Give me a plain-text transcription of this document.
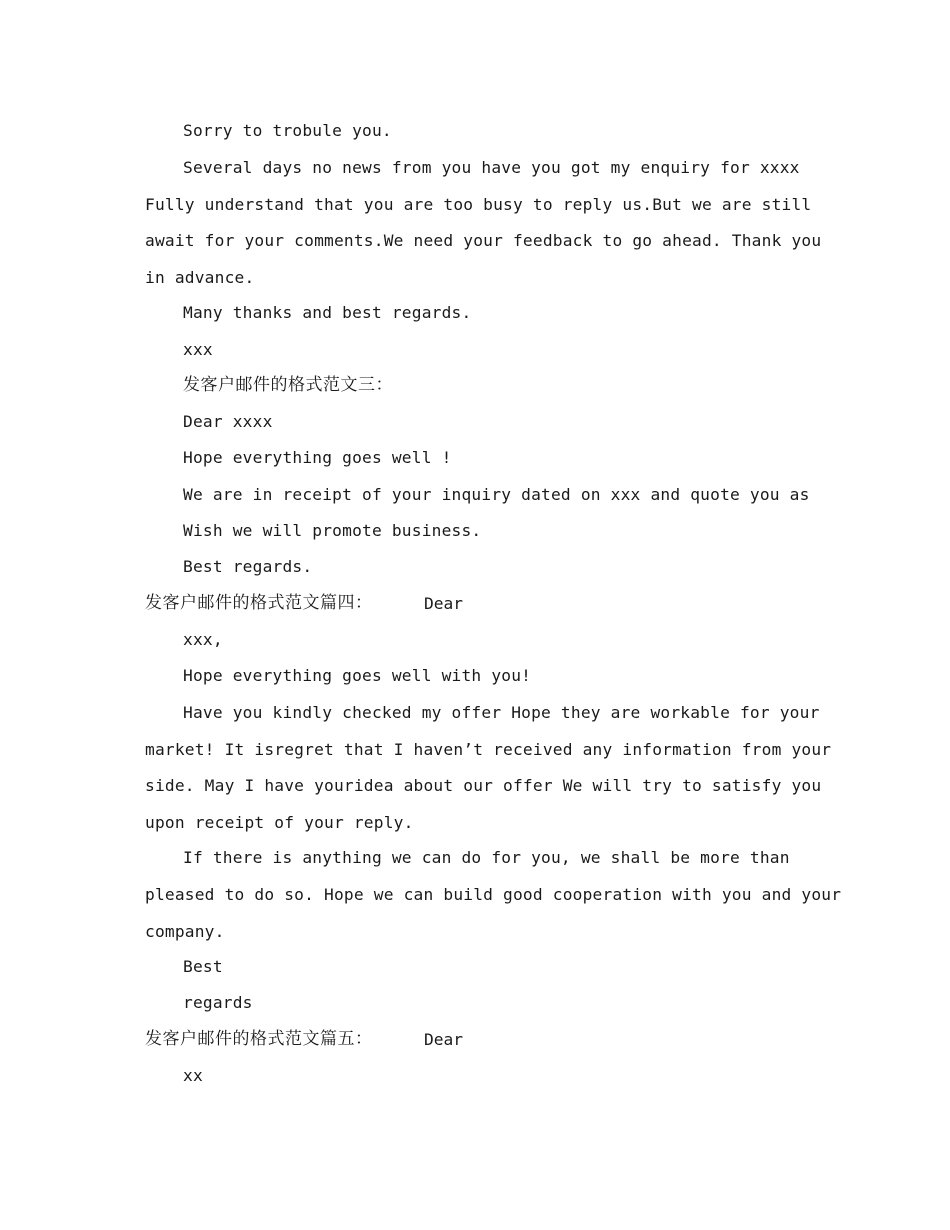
Sorry to trobule you.
Several days no news from you have you got my enquiry for xxxx
Fully understand that you are too busy to reply us.But we are still
await for your comments.We need your feedback to go ahead. Thank you
in advance.
Many thanks and best regards.
xxx
发客户邮件的格式范文三：
Dear xxxx
Hope everything goes well !
We are in receipt of your inquiry dated on xxx and quote you as
Wish we will promote business.
Best regards.
发客户邮件的格式范文篇四：	Dear
xxx,
Hope everything goes well with you!
Have you kindly checked my offer Hope they are workable for your
market! It isregret that I haven’t received any information from your
side. May I have youridea about our offer We will try to satisfy you
upon receipt of your reply.
If there is anything we can do for you, we shall be more than
pleased to do so. Hope we can build good cooperation with you and your
company.
Best
regards
发客户邮件的格式范文篇五：	Dear
xx
